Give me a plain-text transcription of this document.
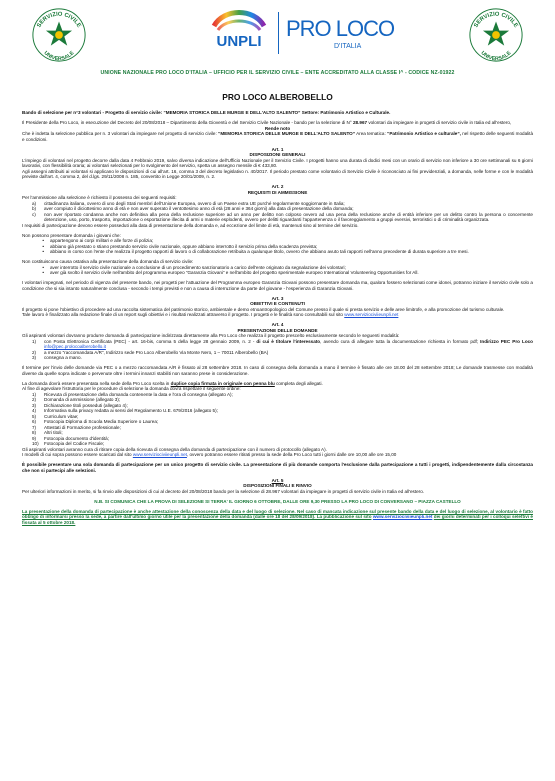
SERVIZIO CIVILE
UNIVERSALE
UNPLI
PRO LOCO
D'ITALIA
SERVIZIO CIVILE
UNIVERSALE
UNIONE NAZIONALE PRO LOCO D'ITALIA – UFFICIO PER IL SERVIZIO CIVILE – ENTE ACCREDITATO ALLA CLASSE I^ - CODICE NZ-01922
PRO LOCO ALBEROBELLO

Bando di selezione per n°3 volontari - Progetto di servizio civile: “MEMORIA STORICA DELLE MURGE E DELL'ALTO SALENTO” Settore: Patrimonio Artistico e Culturale.

Il Presidente della Pro Loco, in esecuzione del Decreto del 20/08/2018 – Dipartimento della Gioventù e del Servizio Civile Nazionale - bando per la selezione di N° 28.967 volontari da impiegare in progetti di servizio civile in Italia ed all'estero,

Rende noto

Che è indetta la selezione pubblica per n. 3 volontari da impiegare nel progetto di servizio civile: “MEMORIA STORICA DELLE MURGE E DELL'ALTO SALENTO” Area tematica: “Patrimonio Artistico e culturale”, nel rispetto delle seguenti modalità e condizioni.

Art. 1

DISPOSIZIONI GENERALI

L'impiego di volontari nel progetto decorre dalla data 4 Febbraio 2019, salvo diversa indicazione dell'Ufficio Nazionale per il Servizio Civile. I progetti hanno una durata di dodici mesi con un orario di servizio non inferiore a 30 ore settimanali su 6 giorni lavorativi, con flessibilità oraria; ai volontari selezionati per lo svolgimento del servizio, spetta un assegno mensile di € 433,80.

Agli assegni attribuiti ai volontari si applicano le disposizioni di cui all'art. 16, comma 3 del decreto legislativo n. 40/2017. Il periodo prestato come volontario di Servizio Civile è riconosciuto ai fini previdenziali, a domanda, nelle forme e con le modalità previste dall'art. 4, comma 2, del d.lgs. 29/11/2008 n. 185, convertito in Legge 20/01/2009, n. 2.

Art. 2

REQUISITI DI AMMISSIONE

Per l'ammissione alla selezione è richiesto il possesso dei seguenti requisiti:

a)	cittadinanza italiana, ovvero di uno degli Stati membri dell'Unione Europea, ovvero di un Paese extra UE purché regolarmente soggiornante in Italia;
b)	aver compiuto il diciottesimo anno di età e non aver superato il ventottesimo anno di età (28 anni e 364 giorni) alla data di presentazione della domanda;
c)	non aver riportato condanna anche non definitiva alla pena della reclusione superiore ad un anno per delitto non colposo ovvero ad una pena della reclusione anche di entità inferiore per un delitto contro la persona o concernente detenzione, uso, porto, trasporto, importazione o esportazione illecita di armi o materie esplodenti, ovvero per delitti riguardanti l'appartenenza o il favoreggiamento a gruppi eversivi, terroristici o di criminalità organizzata.

I requisiti di partecipazione devono essere posseduti alla data di presentazione della domanda e, ad eccezione del limite di età, mantenuti sino al termine del servizio.

Non possono presentare domanda i giovani che:

•	appartengono ai corpi militari e alle forze di polizia;
•	abbiano già prestato o stiano prestando servizio civile nazionale, oppure abbiano interrotto il servizio prima della scadenza prevista;
•	abbiano in corso con l'ente che realizza il progetto rapporti di lavoro o di collaborazione retribuita a qualunque titolo, ovvero che abbiano avuto tali rapporti nell'anno precedente di durata superiore a tre mesi.

Non costituiscono causa ostativa alla presentazione della domanda di servizio civile:

•	aver interrotto il servizio civile nazionale a conclusione di un procedimento sanzionatorio a carico dell'ente originato da segnalazione dei volontari;
•	aver già svolto il servizio civile nell'ambito del programma europeo “Garanzia Giovani” e nell'ambito del progetto sperimentale europeo International Volunteering Opportunities for All.

I volontari impegnati, nel periodo di vigenza del presente bando, nei progetti per l'attuazione del Programma europeo Garanzia Giovani possono presentare domanda ma, qualora fossero selezionati come idonei, potranno iniziare il servizio civile solo a condizione che si sia intanto naturalmente conclusa - secondo i tempi previsti e non a causa di interruzione da parte del giovane - l'esperienza di Garanzia Giovani.

Art. 3

OBIETTIVI E CONTENUTI

Il progetto si pone l'obiettivo di procedere ad una raccolta sistematica del patrimonio storico, ambientale e demo etnoantropologico del Comune presso il quale si presta servizio e delle aree limitrofe, e alla promozione del turismo culturale.

Tale lavoro è finalizzato alla redazione finale di un report sugli obiettivi e i risultati realizzati attraverso il progetto. I progetti e le finalità sono consultabili sul sito www.serviziociviieunpli.net

Art. 4

PRESENTAZIONE DELLE DOMANDE

Gli aspiranti volontari dovranno produrre domanda di partecipazione indirizzata direttamente alla Pro Loco che realizza il progetto prescelto esclusivamente secondo le seguenti modalità:

1)	con Posta Elettronica Certificata (PEC) - art. 16-bis, comma 5 della legge 28 gennaio 2009, n. 2 - di cui è titolare l'interessato, avendo cura di allegare tutta la documentazione richiesta in formato pdf; Indirizzo PEC Pro Loco info@pec.prolocoalberobello.it
2)	a mezzo “raccomandata A/R”, Indirizzo sede Pro Loco Alberobello Via Monte Nero, 1 – 70011 Alberobello (BA)
3)	consegna a mano.

Il termine per l'invio delle domande via PEC o a mezzo raccomandata A/R è fissato al 28 settembre 2018. In caso di consegna della domanda a mano il termine è fissato alle ore 18.00 del 28 settembre 2018; Le domande trasmesse con modalità diverse da quelle sopra indicate o pervenute oltre i termini innanzi stabiliti non saranno prese in considerazione.

La domanda dovrà essere presentata nella sede della Pro Loco scelta in duplice copia firmata in originale con penna blu completa degli allegati.

Al fine di agevolare l'istruttoria per le procedure di selezione la domanda dovrà rispettare il seguente ordine:

1)	Ricevuta di presentazione della domanda contenente la data e l'ora di consegna (allegato A);
2)	Domanda di ammissione (allegato 3);
3)	Dichiarazione titoli posseduti (allegato 4);
4)	Informativa sulla privacy redatta ai sensi del Regolamento U.E. 679/2016 (allegato 5);
5)	Curriculum vitae;
6)	Fotocopia Diploma di Scuola Media Superiore o Laurea;
7)	Attestati di Formazione professionale;
8)	Altri titoli;
9)	Fotocopia documento d'identità;
10)	Fotocopia del Codice Fiscale;

Gli aspiranti volontari avranno cura di ritirare copia della ricevuta di consegna della domanda di partecipazione con il numero di protocollo (allegato A).

I modelli di cui sopra possono essere scaricati dal sito www.serviziociviieunpli.net, ovvero potranno essere ritirati presso la sede della Pro Loco tutti i giorni dalle ore 10,00 alle ore 15,00

È possibile presentare una sola domanda di partecipazione per un unico progetto di servizio civile. La presentazione di più domande comporta l'esclusione dalla partecipazione a tutti i progetti, indipendentemente dalla circostanza che non si partecipi alle selezioni.

Art. 5

DISPOSIZIONI FINALI E RINVIO

Per ulteriori informazioni in merito, si fa rinvio alle disposizioni di cui al decreto del 20/08/2018 bando per la selezione di 28.967 volontari da impiegare in progetti di servizio civile in Italia ed all'estero.

N.B. SI COMUNICA CHE LA PROVA DI SELEZIONE SI TERRA' IL GIORNO 6 OTTOBRE, DALLE ORE 9,30 PRESSO LA PRO LOCO DI CONVERSANO – PIAZZA CASTELLO

La presentazione della domanda di partecipazione è anche attestazione della conoscenza della data e del luogo di selezione. Nel caso di mancata indicazione sul presente bando della data e del luogo di selezione, al volontario è fatto obbligo di informarsi presso la sede, a partire dall'ultimo giorno utile per la presentazione della domanda (dalle ore 18 del 28/09/2018). La pubblicazione sul sito www.serviziociviieunpli.net dei giorni determinati per i colloqui selettivi è fissata al 5 ottobre 2018.
